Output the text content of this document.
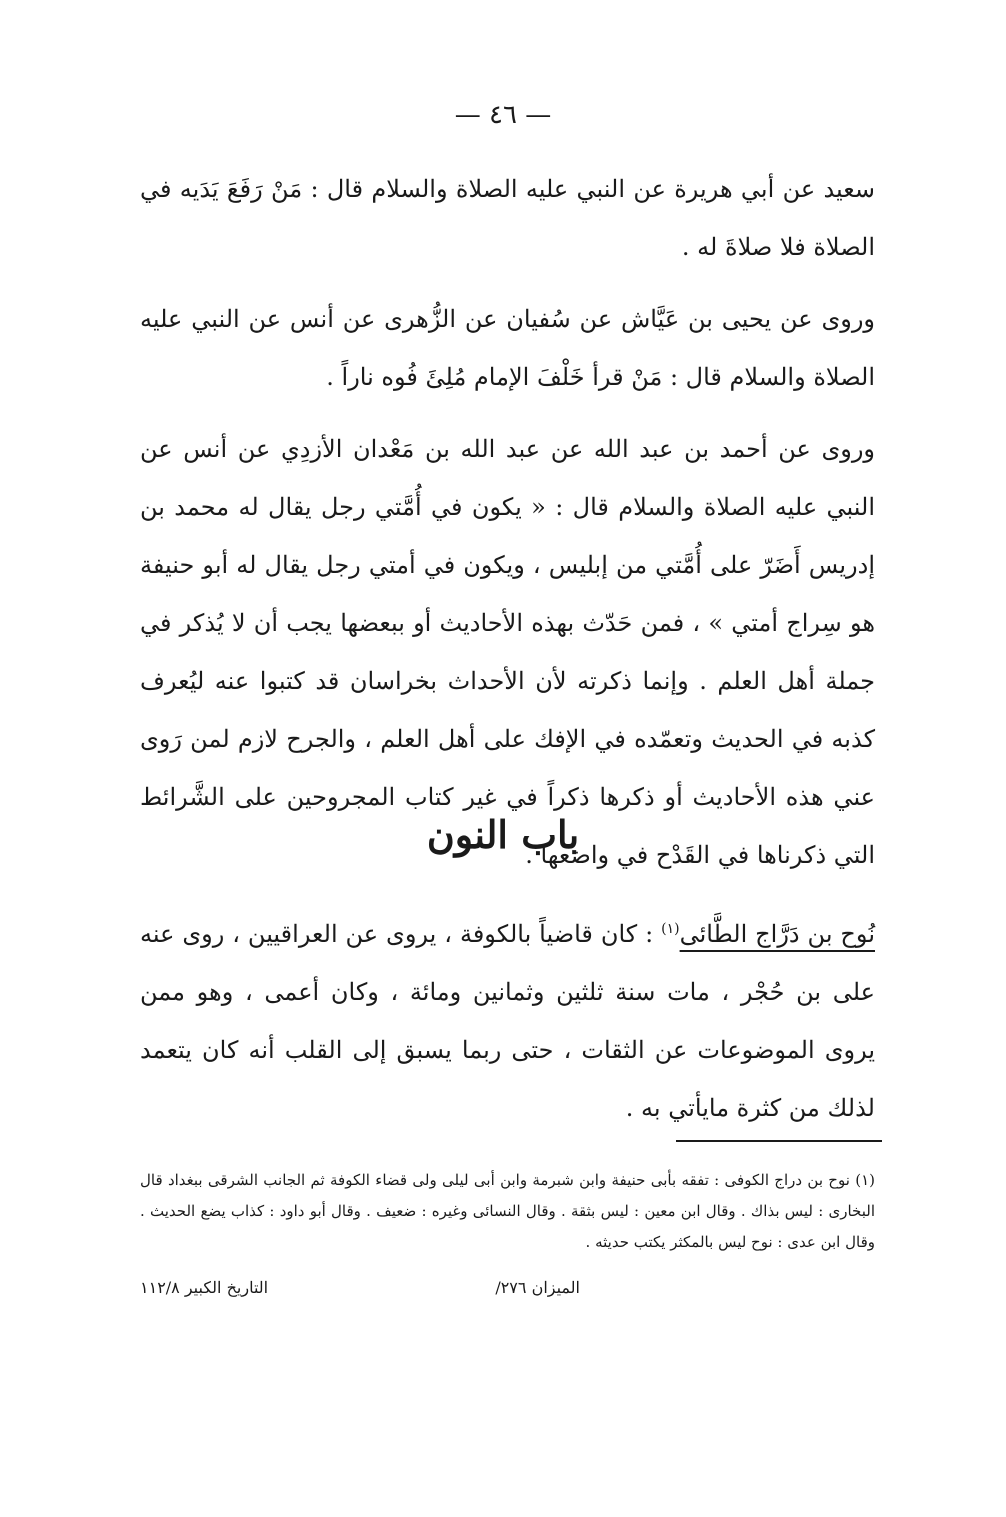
— ٤٦ —

سعيد عن أبي هريرة عن النبي عليه الصلاة والسلام قال : مَنْ رَفَعَ يَدَيه في الصلاة فلا صلاةَ له .

وروى عن يحيى بن عَيَّاش عن سُفيان عن الزُّهرى عن أنس عن النبي عليه الصلاة والسلام قال : مَنْ قرأ خَلْفَ الإمام مُلِئَ فُوه ناراً .

وروى عن أحمد بن عبد الله عن عبد الله بن مَعْدان الأزدِي عن أنس عن النبي عليه الصلاة والسلام قال : « يكون في أُمَّتي رجل يقال له محمد بن إدريس أَضَرّ على أُمَّتي من إبليس ، ويكون في أمتي رجل يقال له أبو حنيفة هو سِراج أمتي » ، فمن حَدّث بهذه الأحاديث أو ببعضها يجب أن لا يُذكر في جملة أهل العلم . وإنما ذكرته لأن الأحداث بخراسان قد كتبوا عنه ليُعرف كذبه في الحديث وتعمّده في الإفك على أهل العلم ، والجرح لازم لمن رَوى عني هذه الأحاديث أو ذكرها ذكراً في غير كتاب المجروحين على الشَّرائط التي ذكرناها في القَدْح في واضعها .

باب النون

نُوح بن دَرَّاج الطَّائى$^{(١)}$ : كان قاضياً بالكوفة ، يروى عن العراقيين ، روى عنه على بن حُجْر ، مات سنة ثلثين وثمانين ومائة ، وكان أعمى ، وهو ممن يروى الموضوعات عن الثقات ، حتى ربما يسبق إلى القلب أنه كان يتعمد لذلك من كثرة مايأتي به .

(١) نوح بن دراج الكوفى : تفقه بأبى حنيفة وابن شبرمة وابن أبى ليلى ولى قضاء الكوفة ثم الجانب الشرقى ببغداد قال البخارى : ليس بذاك . وقال ابن معين : ليس بثقة . وقال النسائى وغيره : ضعيف . وقال أبو داود : كذاب يضع الحديث . وقال ابن عدى : نوح ليس بالمكثر يكتب حديثه .

الميزان ٢٧٦/
التاريخ الكبير ١١٢/٨
